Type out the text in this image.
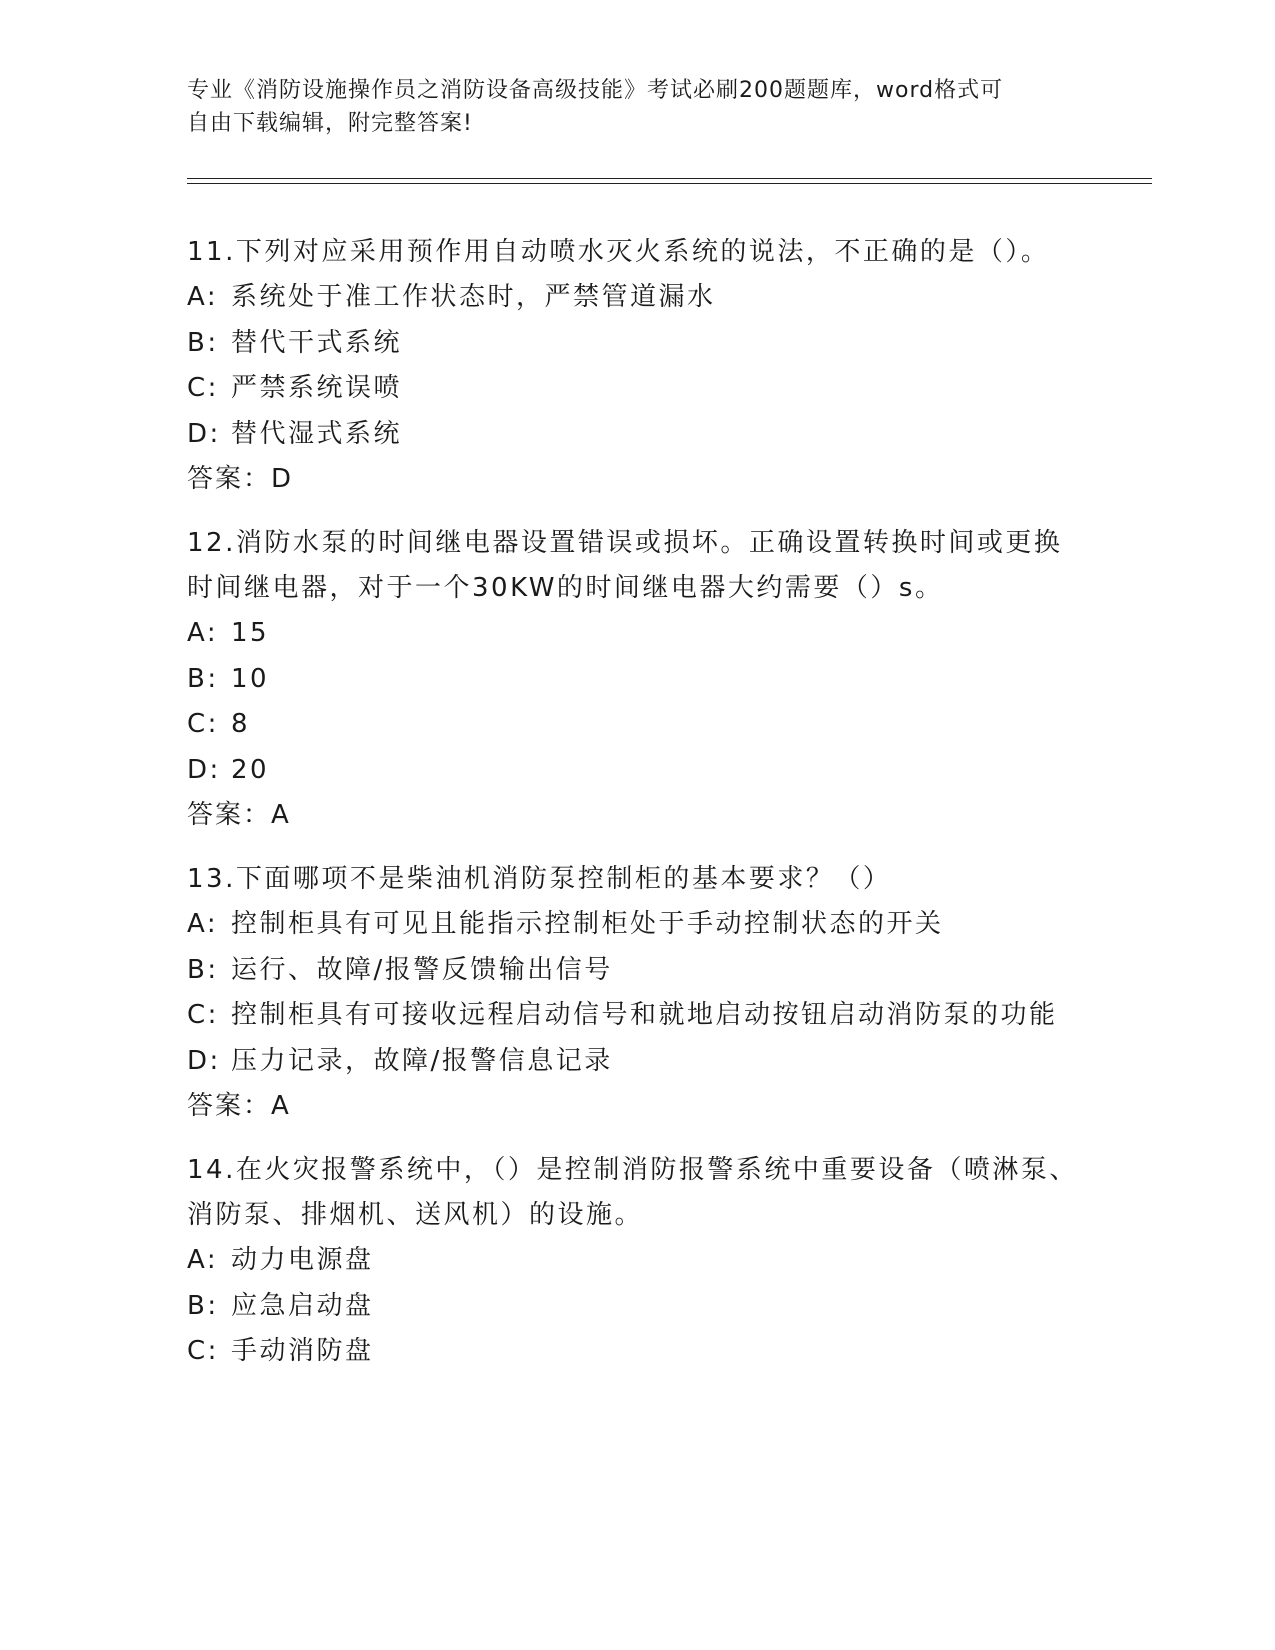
专业《消防设施操作员之消防设备高级技能》考试必刷200题题库，word格式可
自由下载编辑，附完整答案!

11.下列对应采用预作用自动喷水灭火系统的说法，不正确的是（）。

A: 系统处于准工作状态时，严禁管道漏水

B: 替代干式系统

C: 严禁系统误喷

D: 替代湿式系统

答案：D

12.消防水泵的时间继电器设置错误或损坏。正确设置转换时间或更换时间继电器，对于一个30KW的时间继电器大约需要（）s。

A: 15

B: 10

C: 8

D: 20

答案：A

13.下面哪项不是柴油机消防泵控制柜的基本要求？（）

A: 控制柜具有可见且能指示控制柜处于手动控制状态的开关

B: 运行、故障/报警反馈输出信号

C: 控制柜具有可接收远程启动信号和就地启动按钮启动消防泵的功能

D: 压力记录，故障/报警信息记录

答案：A

14.在火灾报警系统中，（）是控制消防报警系统中重要设备（喷淋泵、消防泵、排烟机、送风机）的设施。

A: 动力电源盘

B: 应急启动盘

C: 手动消防盘
